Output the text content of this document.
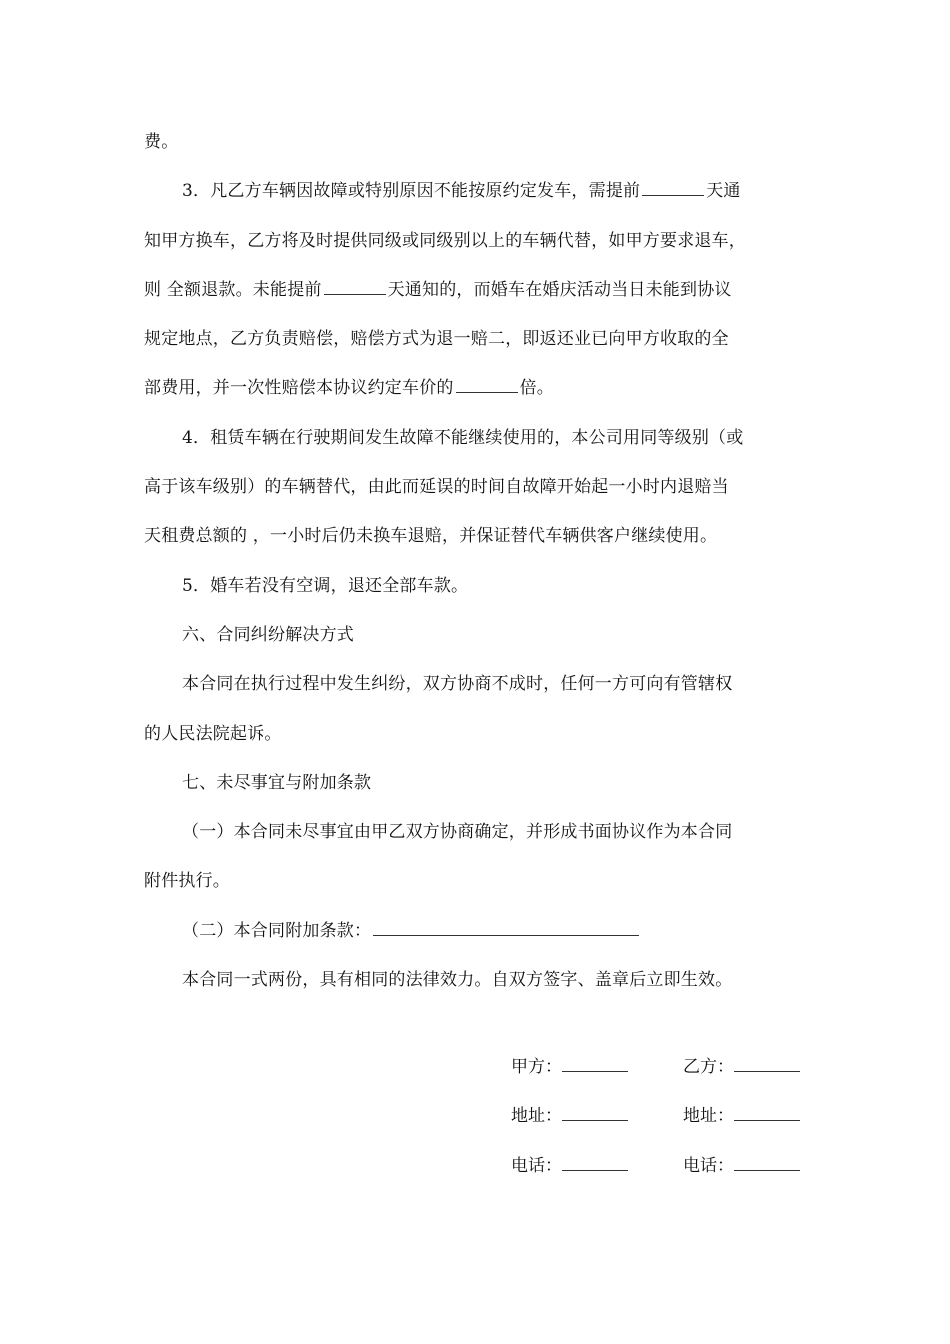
费。
3．凡乙方车辆因故障或特别原因不能按原约定发车，需提前	天通
知甲方换车，乙方将及时提供同级或同级别以上的车辆代替，如甲方要求退车，
则 全额退款。未能提前	天通知的，而婚车在婚庆活动当日未能到协议
规定地点，乙方负责赔偿，赔偿方式为退一赔二，即返还业已向甲方收取的全
部费用，并一次性赔偿本协议约定车价的	倍。
4．租赁车辆在行驶期间发生故障不能继续使用的，本公司用同等级别（或
高于该车级别）的车辆替代，由此而延误的时间自故障开始起一小时内退赔当
天租费总额的 ，一小时后仍未换车退赔，并保证替代车辆供客户继续使用。
5．婚车若没有空调，退还全部车款。
六、合同纠纷解决方式
本合同在执行过程中发生纠纷，双方协商不成时，任何一方可向有管辖权
的人民法院起诉。
七、未尽事宜与附加条款
（一）本合同未尽事宜由甲乙双方协商确定，并形成书面协议作为本合同
附件执行。
（二）本合同附加条款：
本合同一式两份，具有相同的法律效力。自双方签字、盖章后立即生效。
甲方：	乙方：
地址：	地址：
电话：	电话：
